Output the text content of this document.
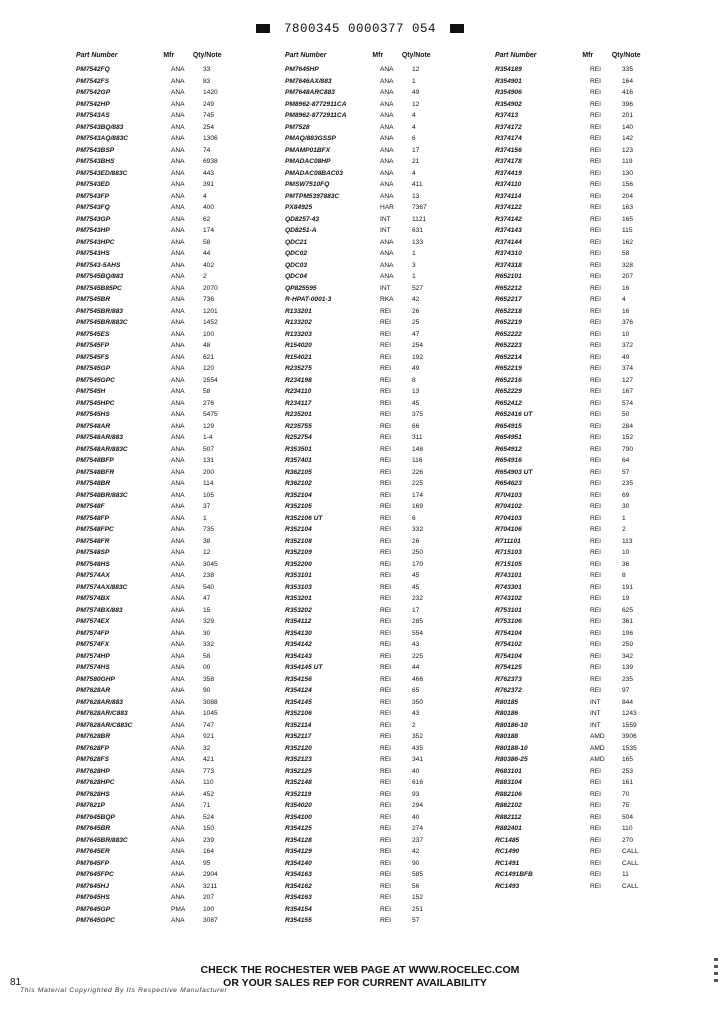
7800345 0000377 054
Part Number	Mfr	Qty/Note
PM7542FQ	ANA	33
PM7542FS	ANA	83
PM7542GP	ANA	1420
PM7542HP	ANA	249
PM7543AS	ANA	745
PM7543BQ/883	ANA	254
PM7543AQ/883C	ANA	1306
PM7543BSP	ANA	74
PM7543BHS	ANA	6938
PM7543ED/883C	ANA	443
PM7543ED	ANA	391
PM7543FP	ANA	4
PM7543FQ	ANA	400
PM7543GP	ANA	62
PM7543HP	ANA	174
PM7543HPC	ANA	58
PM7543HS	ANA	44
PM7543-5AHS	ANA	402
PM7545BQ/883	ANA	2
PM7545B85PC	ANA	2070
PM7545BR	ANA	736
PM7545BR/883	ANA	1201
PM7545BR/883C	ANA	1452
PM7545ES	ANA	100
PM7545FP	ANA	48
PM7545FS	ANA	621
PM7545GP	ANA	120
PM7545GPC	ANA	2554
PM7545H	ANA	58
PM7545HPC	ANA	276
PM7545HS	ANA	5475
PM7548AR	ANA	129
PM7548AR/883	ANA	1-4
PM7548AR/883C	ANA	507
PM7548BFP	ANA	131
PM7548BFR	ANA	200
PM7548BR	ANA	114
PM7548BR/883C	ANA	105
PM7548F	ANA	37
PM7548FP	ANA	1
PM7548FPC	ANA	735
PM7548FR	ANA	38
PM7548SP	ANA	12
PM7548HS	ANA	3045
PM7574AX	ANA	238
PM7574AX/883C	ANA	540
PM7574BX	ANA	47
PM7574BX/883	ANA	15
PM7574EX	ANA	329
PM7574FP	ANA	30
PM7574FX	ANA	332
PM7574HP	ANA	58
PM7574HS	ANA	00
PM7580GHP	ANA	358
PM7628AR	ANA	90
PM7628AR/883	ANA	3088
PM7628AR/C883	ANA	1045
PM7628AR/C883C	ANA	747
PM7628BR	ANA	921
PM7628FP	ANA	32
PM7628FS	ANA	421
PM7628HP	ANA	773
PM7628HPC	ANA	110
PM7628HS	ANA	452
PM7621P	ANA	71
PM7645BQP	ANA	524
PM7645BR	ANA	150
PM7645BR/883C	ANA	239
PM7645ER	ANA	164
PM7645FP	ANA	95
PM7645FPC	ANA	2904
PM7645HJ	ANA	3211
PM7645HS	ANA	207
PM7645GP	PMA	100
PM7645GPC	ANA	3087
Part Number	Mfr	Qty/Note
PM7645HP	ANA	12
PM7646AX/883	ANA	1
PM7648ARC883	ANA	49
PM8962-8772911CA	ANA	12
PM8962-8772911CA	ANA	4
PM7528	ANA	4
PMAQ/883GSSP	ANA	6
PMAMP01BFX	ANA	17
PMADAC08HP	ANA	21
PMADAC08BAC03	ANA	4
PMSW7510FQ	ANA	411
PMTPM5397883C	ANA	13
PX84925	HAR	7367
QD8257-43	INT	1121
QD8251-A	INT	631
QDC21	ANA	133
QDC02	ANA	1
QDC03	ANA	3
QDC04	ANA	1
QP825595	INT	527
R-HPAT-0001-3	RKA	42
R133201	REI	26
R133202	REI	25
R133203	REI	47
R154020	REI	254
R154021	REI	192
R235275	REI	49
R234198	REI	8
R234110	REI	13
R234117	REI	45
R235201	REI	375
R235755	REI	66
R252754	REI	311
R353501	REI	148
R357401	REI	116
R362105	REI	226
R362102	REI	225
R352104	REI	174
R352105	REI	169
R352106 UT	REI	6
R352104	REI	332
R352108	REI	26
R352109	REI	250
R352200	REI	170
R353101	REI	45
R353103	REI	45
R353201	REI	232
R353202	REI	17
R354112	REI	285
R354130	REI	554
R354142	REI	43
R354143	REI	225
R354145 UT	REI	44
R354156	REI	466
R354124	REI	65
R354145	REI	350
R352106	REI	43
R352114	REI	2
R352117	REI	352
R352120	REI	435
R352123	REI	341
R352125	REI	40
R352148	REI	616
R352119	REI	93
R354020	REI	294
R354100	REI	40
R354125	REI	274
R354128	REI	237
R354129	REI	42
R354140	REI	90
R354163	REI	585
R354162	REI	56
R354163	REI	152
R354154	REI	251
R354155	REI	57
Part Number	Mfr	Qty/Note
R354189	REI	335
R354901	REI	164
R354906	REI	416
R354902	REI	396
R37413	REI	201
R374172	REI	140
R374174	REI	142
R374156	REI	123
R374178	REI	119
R374419	REI	130
R374110	REI	156
R374114	REI	204
R374122	REI	163
R374142	REI	165
R374143	REI	115
R374144	REI	162
R374310	REI	58
R374318	REI	328
R652101	REI	207
R652212	REI	16
R652217	REI	4
R652218	REI	16
R652219	REI	376
R652222	REI	10
R652223	REI	372
R652214	REI	49
R652219	REI	374
R652216	REI	127
R652229	REI	167
R652412	REI	574
R652416 UT	REI	50
R654915	REI	284
R654951	REI	152
R654912	REI	790
R654916	REI	64
R654903 UT	REI	57
R654623	REI	235
R704103	REI	69
R704102	REI	30
R704103	REI	1
R704106	REI	2
R711101	REI	113
R715103	REI	10
R715105	REI	36
R743101	REI	8
R743301	REI	191
R743102	REI	19
R753101	REI	625
R753106	REI	361
R754104	REI	196
R754102	REI	250
R754104	REI	342
R754125	REI	139
R762373	REI	235
R762372	REI	97
R80185	INT	844
R80186	INT	1243
R80186-10	INT	1559
R80188	AMD	3906
R80188-10	AMD	1535
R80386-25	AMD	165
R683101	REI	253
R883104	REI	161
R882106	REI	70
R882102	REI	75
R882112	REI	504
R882401	REI	110
RC1485	REI	270
RC1490	REI	CALL
RC1491	REI	CALL
RC1491BFB	REI	11
RC1493	REI	CALL
CHECK THE ROCHESTER WEB PAGE AT WWW.ROCELEC.COM
OR YOUR SALES REP FOR CURRENT AVAILABILITY
81
This Material Copyrighted By Its Respective Manufacturer
